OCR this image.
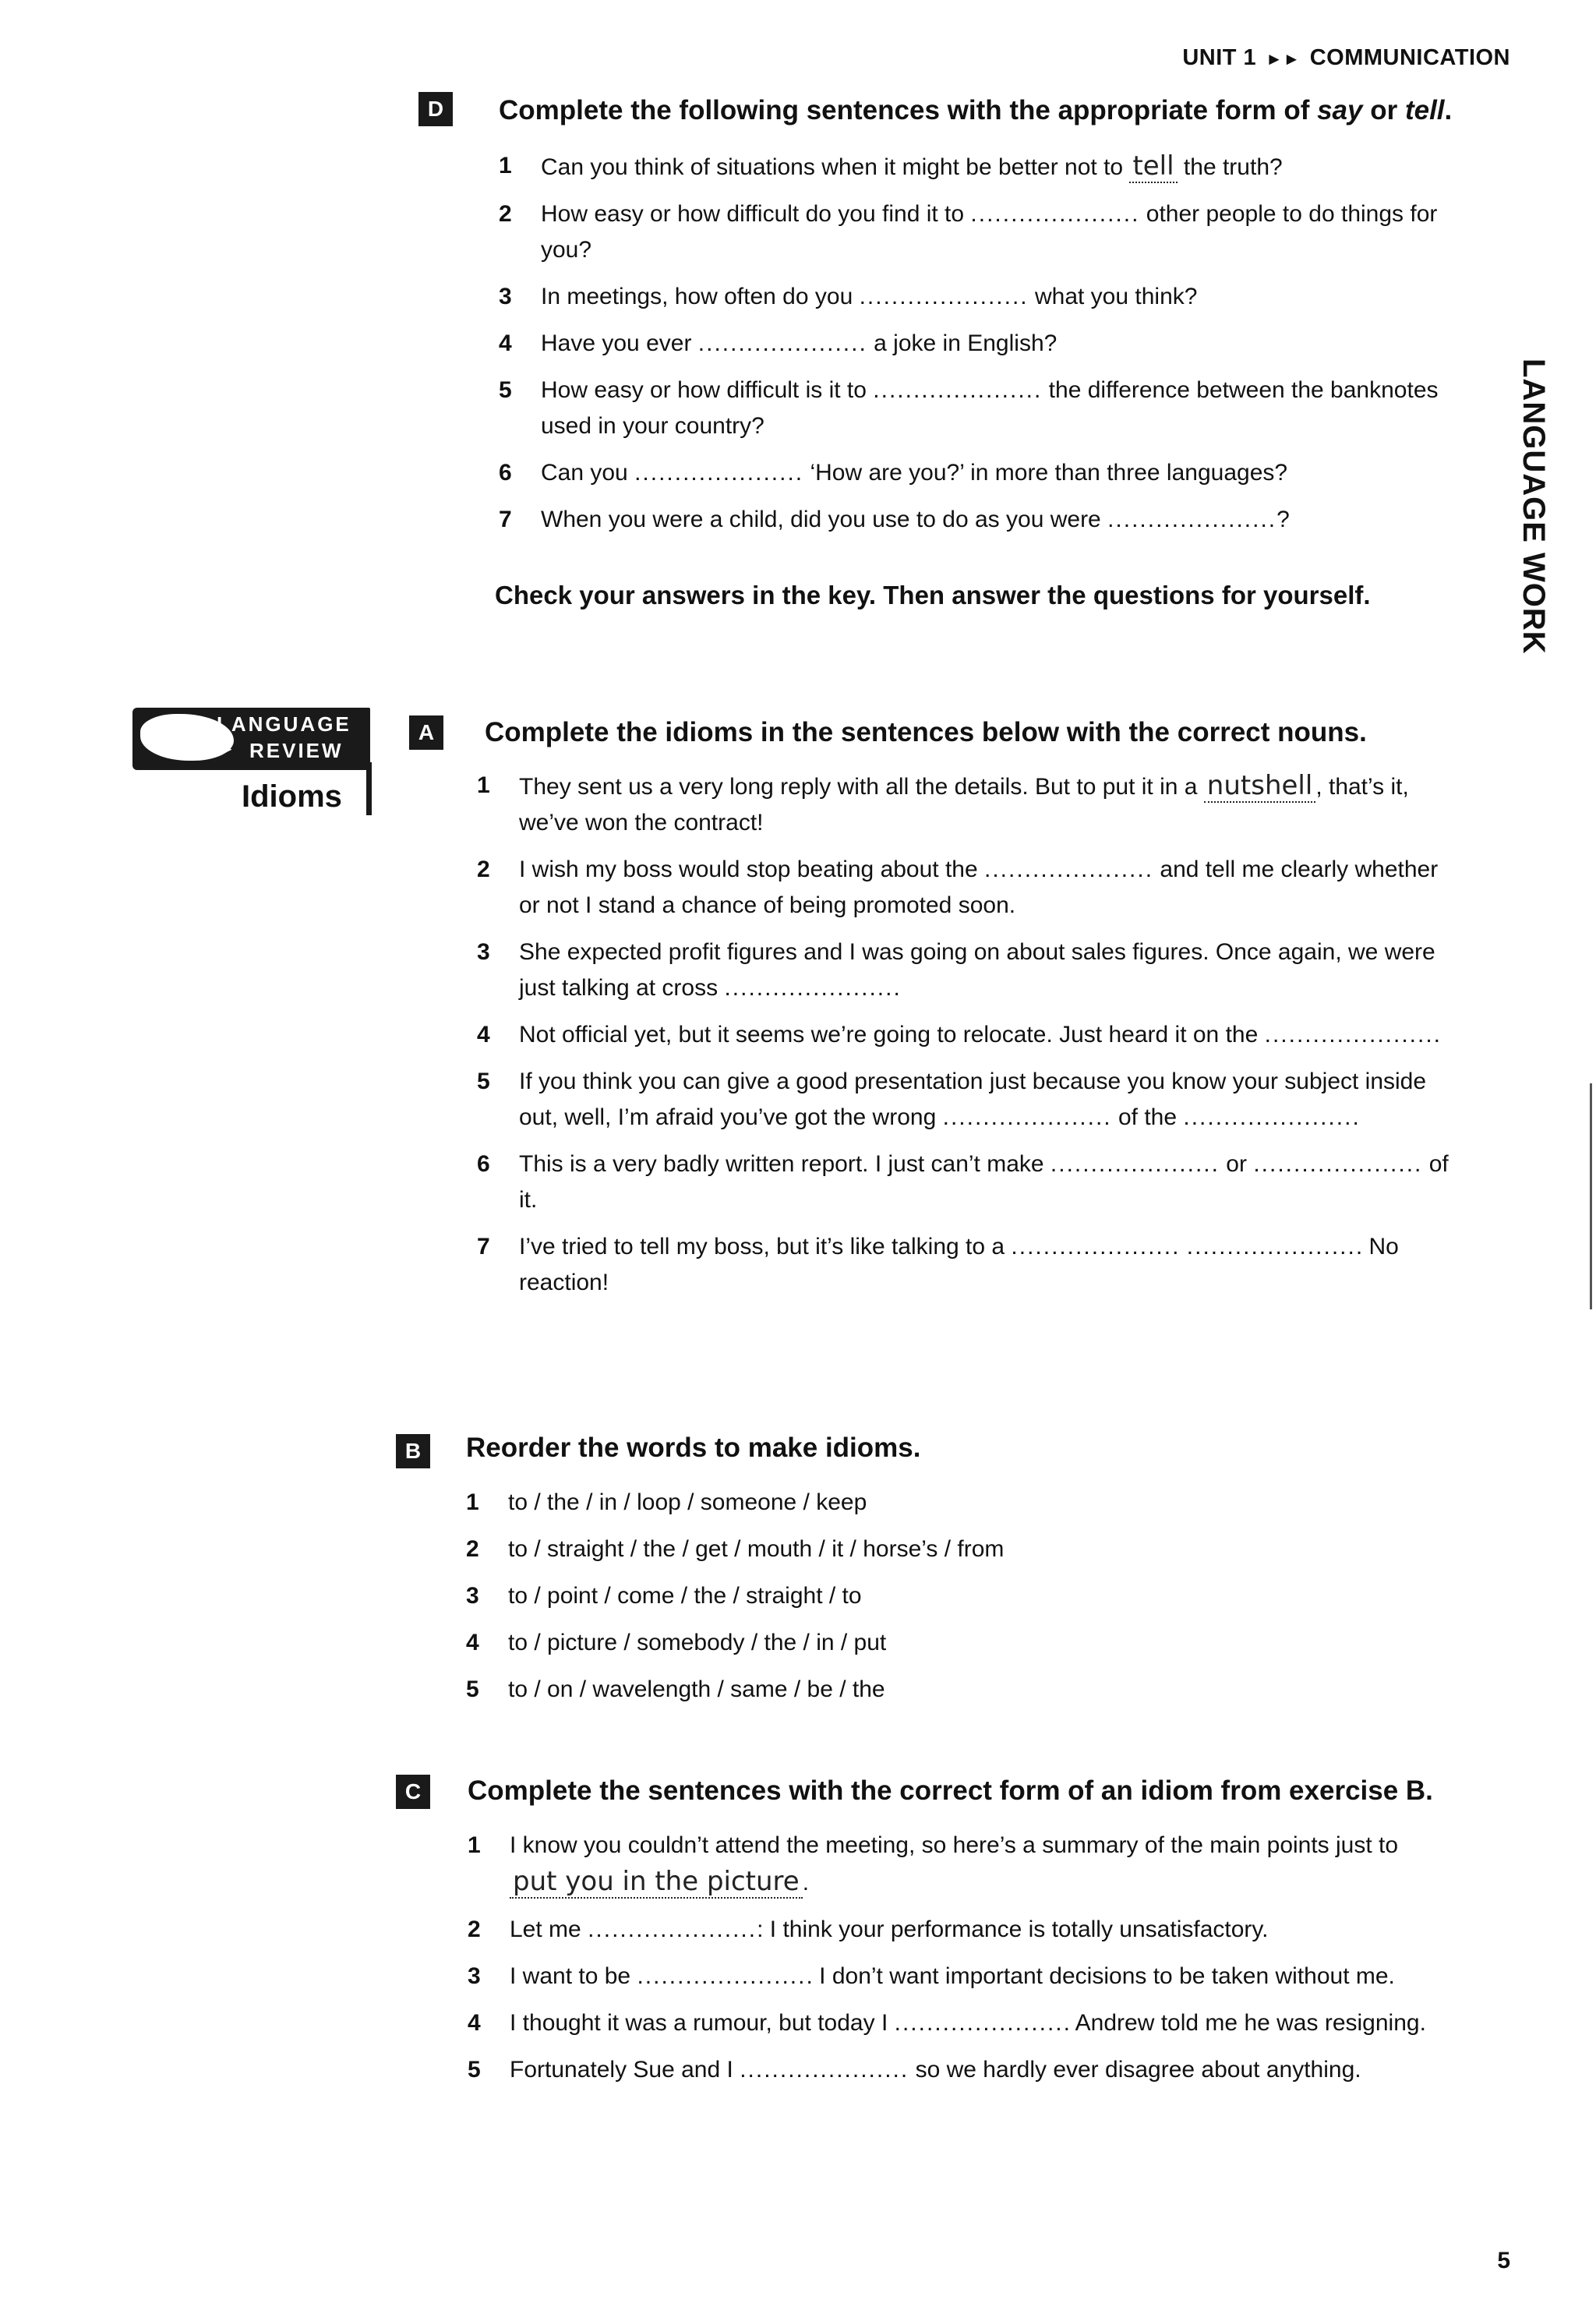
UNIT 1 ►► COMMUNICATION
LANGUAGE WORK
D	Complete the following sentences with the appropriate form of say or tell.
1	Can you think of situations when it might be better not to tell the truth?
2	How easy or how difficult do you find it to ..................... other people to do things for you?
3	In meetings, how often do you ..................... what you think?
4	Have you ever ..................... a joke in English?
5	How easy or how difficult is it to ..................... the difference between the banknotes used in your country?
6	Can you ..................... ‘How are you?’ in more than three languages?
7	When you were a child, did you use to do as you were .....................?
Check your answers in the key. Then answer the questions for yourself.
LANGUAGE
► REVIEW
Idioms
A	Complete the idioms in the sentences below with the correct nouns.
1	They sent us a very long reply with all the details. But to put it in a nutshell , that’s it, we’ve won the contract!
2	I wish my boss would stop beating about the ..................... and tell me clearly whether or not I stand a chance of being promoted soon.
3	She expected profit figures and I was going on about sales figures. Once again, we were just talking at cross ......................
4	Not official yet, but it seems we’re going to relocate. Just heard it on the ......................
5	If you think you can give a good presentation just because you know your subject inside out, well, I’m afraid you’ve got the wrong ..................... of the ......................
6	This is a very badly written report. I just can’t make ..................... or ..................... of it.
7	I’ve tried to tell my boss, but it’s like talking to a ..................... ...................... No reaction!
B	Reorder the words to make idioms.
1	to / the / in / loop / someone / keep
2	to / straight / the / get / mouth / it / horse’s / from
3	to / point / come / the / straight / to
4	to / picture / somebody / the / in / put
5	to / on / wavelength / same / be / the
C	Complete the sentences with the correct form of an idiom from exercise B.
1	I know you couldn’t attend the meeting, so here’s a summary of the main points just to put you in the picture .
2	Let me .....................: I think your performance is totally unsatisfactory.
3	I want to be ...................... I don’t want important decisions to be taken without me.
4	I thought it was a rumour, but today I ...................... Andrew told me he was resigning.
5	Fortunately Sue and I ..................... so we hardly ever disagree about anything.
5
